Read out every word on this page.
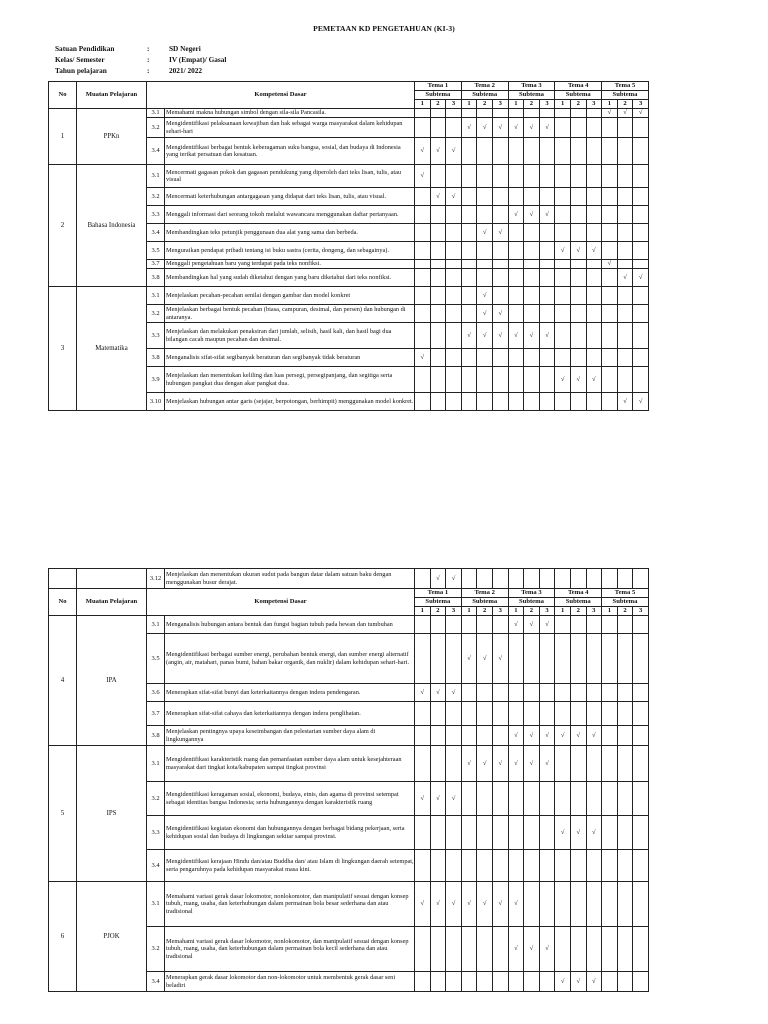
PEMETAAN KD PENGETAHUAN (KI-3)
Satuan Pendidikan	:	SD Negeri
Kelas/ Semester	:	IV (Empat)/ Gasal
Tahun pelajaran	:	2021/ 2022
No	Muatan Pelajaran	Kompetensi Dasar		Tema 1			Tema 2			Tema 3			Tema 4			Tema 5		
				Subtema			Subtema			Subtema			Subtema			Subtema		
				1	2	3	1	2	3	1	2	3	1	2	3	1	2	3
1	PPKn	3.1	Memahami makna hubungan simbol dengan sila-sila Pancasila.													√	√	√
		3.2	Mengidentifikasi pelaksanaan kewajiban dan hak sebagai warga masyarakat dalam kehidupan sehari-hari				√	√	√	√	√	√						
		3.4	Mengidentifikasi berbagai bentuk keberagaman suku bangsa, sosial, dan budaya di Indonesia yang terikat persatuan dan kesatuan.	√	√	√												
2	Bahasa Indonesia	3.1	Mencermati gagasan pokok dan gagasan pendukung yang diperoleh dari teks lisan, tulis, atau visual	√														
		3.2	Mencermati keterhubungan antargagasan yang didapat dari teks lisan, tulis, atau visual.		√	√												
		3.3	Menggali informasi dari seorang tokoh melalui wawancara menggunakan daftar pertanyaan.							√	√	√						
		3.4	Membandingkan teks petunjik penggunaan dua alat yang sama dan berbeda.					√	√									
		3.5	Menguraikan pendapat pribadi tentang isi buku sastra (cerita, dongeng, dan sebagainya).										√	√	√			
		3.7	Menggali pengetahuan baru yang terdapat pada teks nonfiksi.													√		
		3.8	Membandingkan hal yang sudah diketahui dengan yang baru diketahui dari teks nonfiksi.														√	√
3	Matematika	3.1	Menjelaskan pecahan-pecahan senilai dengan gambar dan model konkret					√										
		3.2	Menjelaskan berbagai bentuk pecahan (biasa, campuran, desimal, dan persen) dan hubungan di antaranya.					√	√									
		3.3	Menjelaskan dan melakukan penaksiran dari jumlah, selisih, hasil kali, dan hasil bagi dua bilangan cacah maupun pecahan dan desimal.				√	√	√	√	√	√						
		3.8	Menganalisis sifat-sifat segibanyak beraturan dan segibanyak tidak beraturan	√														
		3.9	Menjelaskan dan menentukan keliling dan luas persegi, persegipanjang, dan segitiga serta hubungan pangkat dua dengan akar pangkat dua.										√	√	√			
		3.10	Menjelaskan hubungan antar garis (sejajar, berpotongan, berhimpit) menggunakan model konkret.														√	√
		3.12	Menjelaskan dan menentukan ukuran sudut pada bangun datar dalam satuan baku dengan menggunakan busur derajat.		√	√												
No	Muatan Pelajaran	Kompetensi Dasar		Tema 1			Tema 2			Tema 3			Tema 4			Tema 5		
				Subtema			Subtema			Subtema			Subtema			Subtema		
				1	2	3	1	2	3	1	2	3	1	2	3	1	2	3
4	IPA	3.1	Menganalisis hubungan antara bentuk dan fungsi bagian tubuh pada hewan dan tumbuhan							√	√	√						
		3.5	Mengidentifikasi berbagai sumber energi, perubahan bentuk energi, dan sumber energi alternatif (angin, air, matahari, panas bumi, bahan bakar organik, dan nuklir) dalam kehidupan sehari-hari.				√	√	√									
		3.6	Menerapkan sifat-sifat bunyi dan keterkaitannya dengan indera pendengaran.	√	√	√												
		3.7	Menerapkan sifat-sifat cahaya dan keterkaitannya dengan indera penglihatan.															
		3.8	Menjelaskan pentingnya upaya keseimbangan dan pelestarian sumber daya alam di lingkungannya							√	√	√	√	√	√			
5	IPS	3.1	Mengidentifikasi karakteristik ruang dan pemanfaatan sumber daya alam untuk kesejahteraan masyarakat dari tingkat kota/kabupaten sampai tingkat provinsi				√	√	√	√	√	√						
		3.2	Mengidentifikasi keragaman sosial, ekonomi, budaya, etnis, dan agama di provinsi setempat sebagai identitas bangsa Indonesia; serta hubungannya dengan karakteristik ruang	√	√	√												
		3.3	Mengidentifikasi kegiatan ekonomi dan hubungannya dengan berbagai bidang pekerjaan, serta kehidupan sosial dan budaya di lingkungan sekitar sampai provinsi.										√	√	√			
		3.4	Mengidentifikasi kerajaan Hindu dan/atau Buddha dan/ atau Islam di lingkungan daerah setempat, serta pengaruhnya pada kehidupan masyarakat masa kini.															
6	PJOK	3.1	Memahami variasi gerak dasar lokomotor, nonlokomotor, dan manipulatif sesuai dengan konsep tubuh, ruang, usaha, dan keterhubungan dalam permainan bola besar sederhana dan atau tradisional	√	√	√	√	√	√	√								
		3.2	Memahami variasi gerak dasar lokomotor, nonlokomotor, dan manipulatif sesuai dengan konsep tubuh, ruang, usaha, dan keterhubungan dalam permainan bola kecil sederhana dan atau tradisional							√	√	√						
		3.4	Menerapkan gerak dasar lokomotor dan non-lokomotor untuk membentuk gerak dasar seni beladiri										√	√	√			
